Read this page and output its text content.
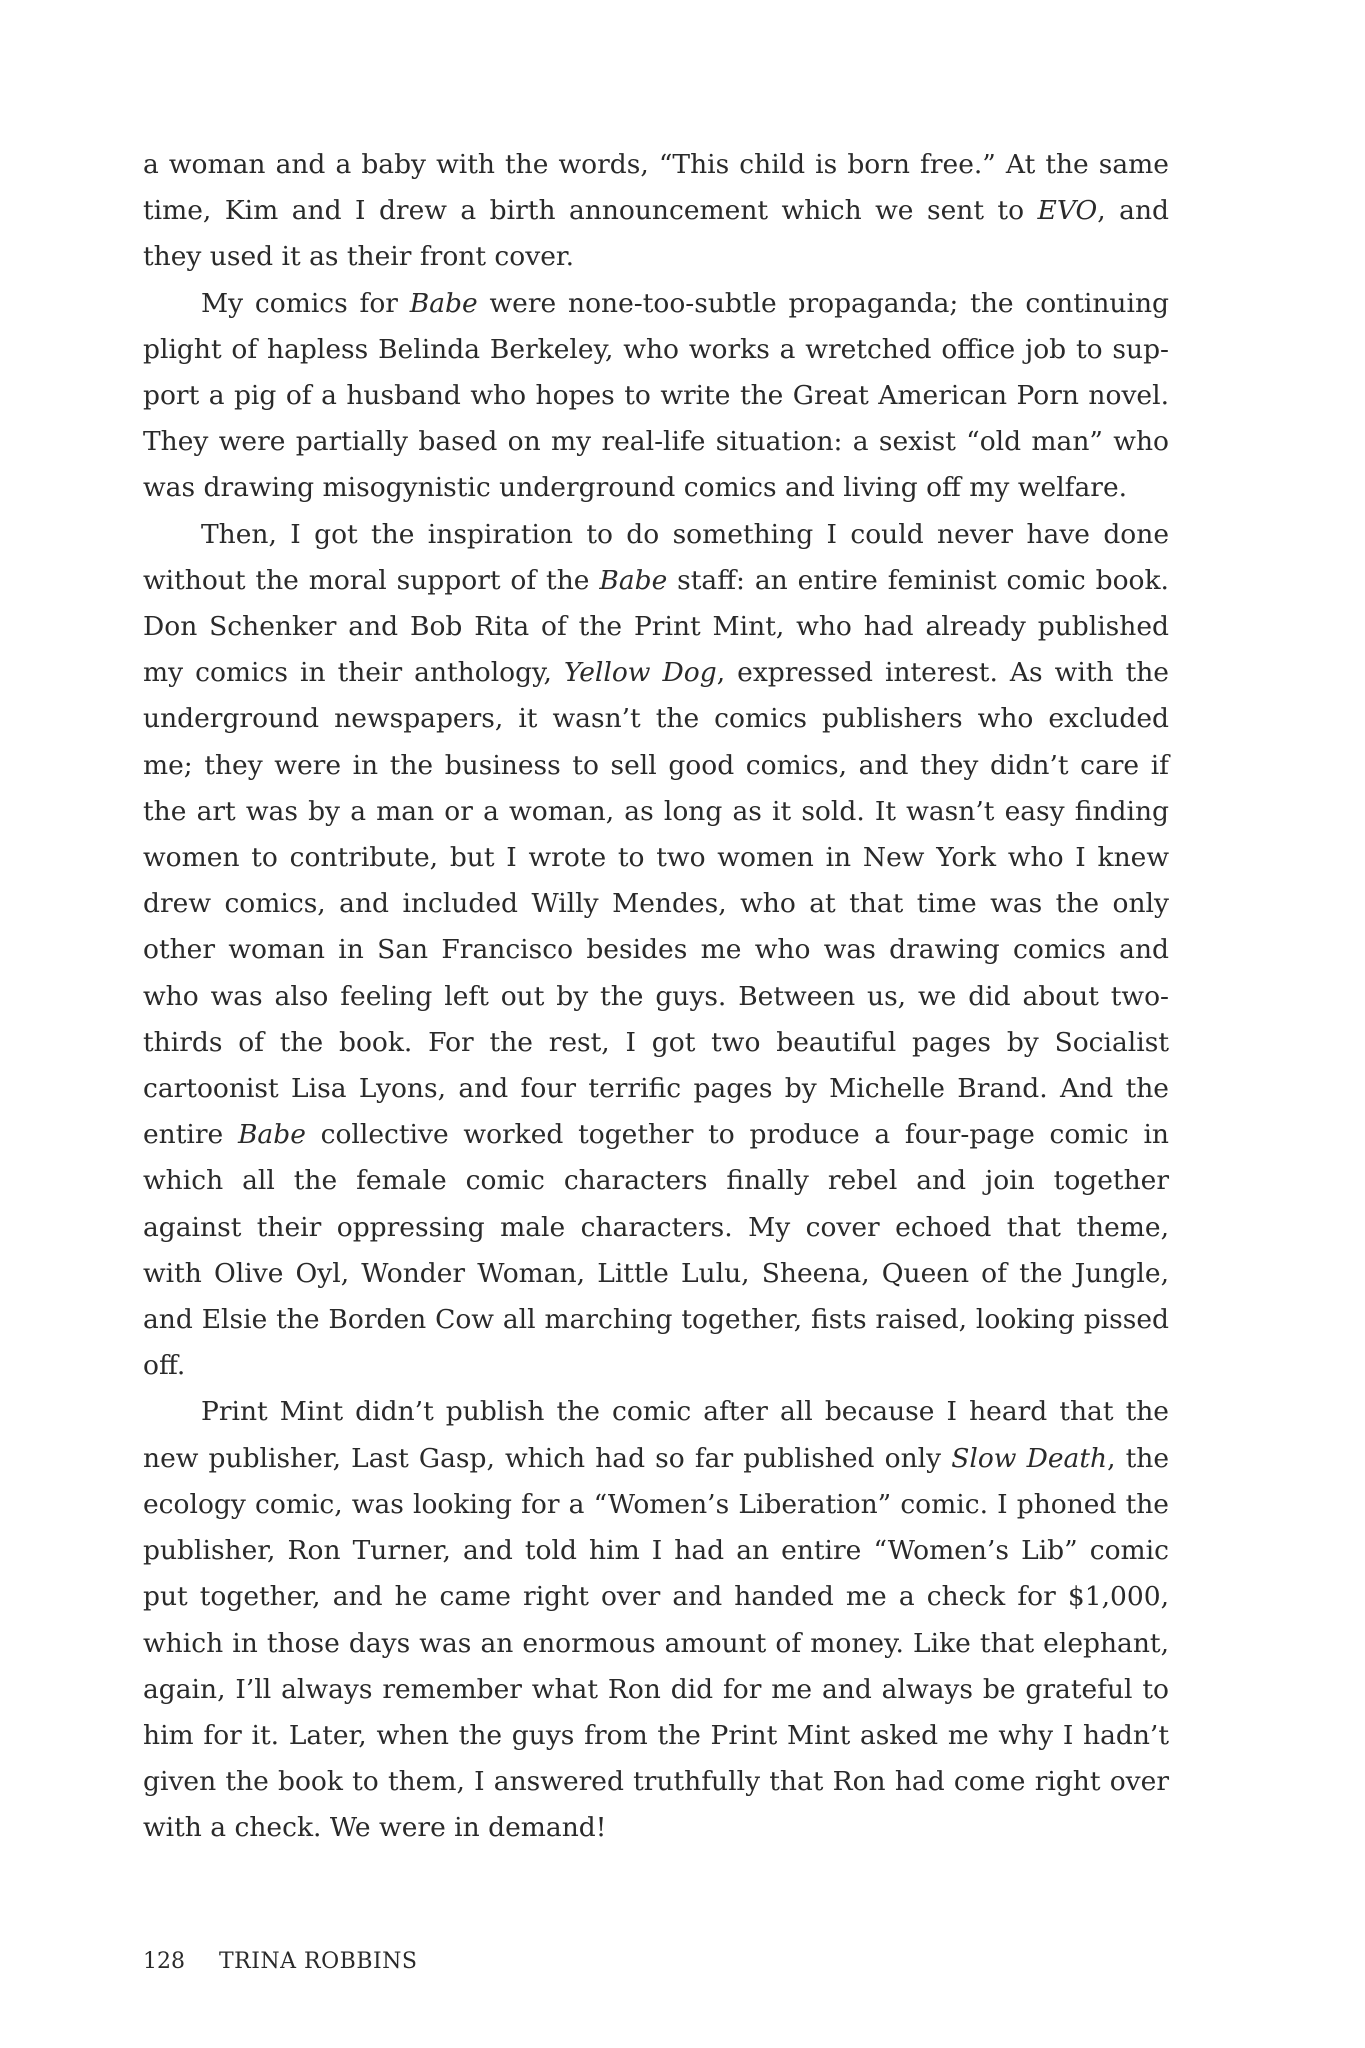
a woman and a baby with the words, “This child is born free.” At the same time, Kim and I drew a birth announcement which we sent to EVO, and they used it as their front cover.

My comics for Babe were none-too-subtle propaganda; the continuing plight of hapless Belinda Berkeley, who works a wretched office job to support a pig of a husband who hopes to write the Great American Porn novel. They were partially based on my real-life situation: a sexist “old man” who was drawing misogynistic underground comics and living off my welfare.

Then, I got the inspiration to do something I could never have done without the moral support of the Babe staff: an entire feminist comic book. Don Schenker and Bob Rita of the Print Mint, who had already published my comics in their anthology, Yellow Dog, expressed interest. As with the underground newspapers, it wasn’t the comics publishers who excluded me; they were in the business to sell good comics, and they didn’t care if the art was by a man or a woman, as long as it sold. It wasn’t easy finding women to contribute, but I wrote to two women in New York who I knew drew comics, and included Willy Mendes, who at that time was the only other woman in San Francisco besides me who was drawing comics and who was also feeling left out by the guys. Between us, we did about two-thirds of the book. For the rest, I got two beautiful pages by Socialist cartoonist Lisa Lyons, and four terrific pages by Michelle Brand. And the entire Babe collective worked together to produce a four-page comic in which all the female comic characters finally rebel and join together against their oppressing male characters. My cover echoed that theme, with Olive Oyl, Wonder Woman, Little Lulu, Sheena, Queen of the Jungle, and Elsie the Borden Cow all marching together, fists raised, looking pissed off.

Print Mint didn’t publish the comic after all because I heard that the new publisher, Last Gasp, which had so far published only Slow Death, the ecology comic, was looking for a “Women’s Liberation” comic. I phoned the publisher, Ron Turner, and told him I had an entire “Women’s Lib” comic put together, and he came right over and handed me a check for $1,000, which in those days was an enormous amount of money. Like that elephant, again, I’ll always remember what Ron did for me and always be grateful to him for it. Later, when the guys from the Print Mint asked me why I hadn’t given the book to them, I answered truthfully that Ron had come right over with a check. We were in demand!

128 TRINA ROBBINS
